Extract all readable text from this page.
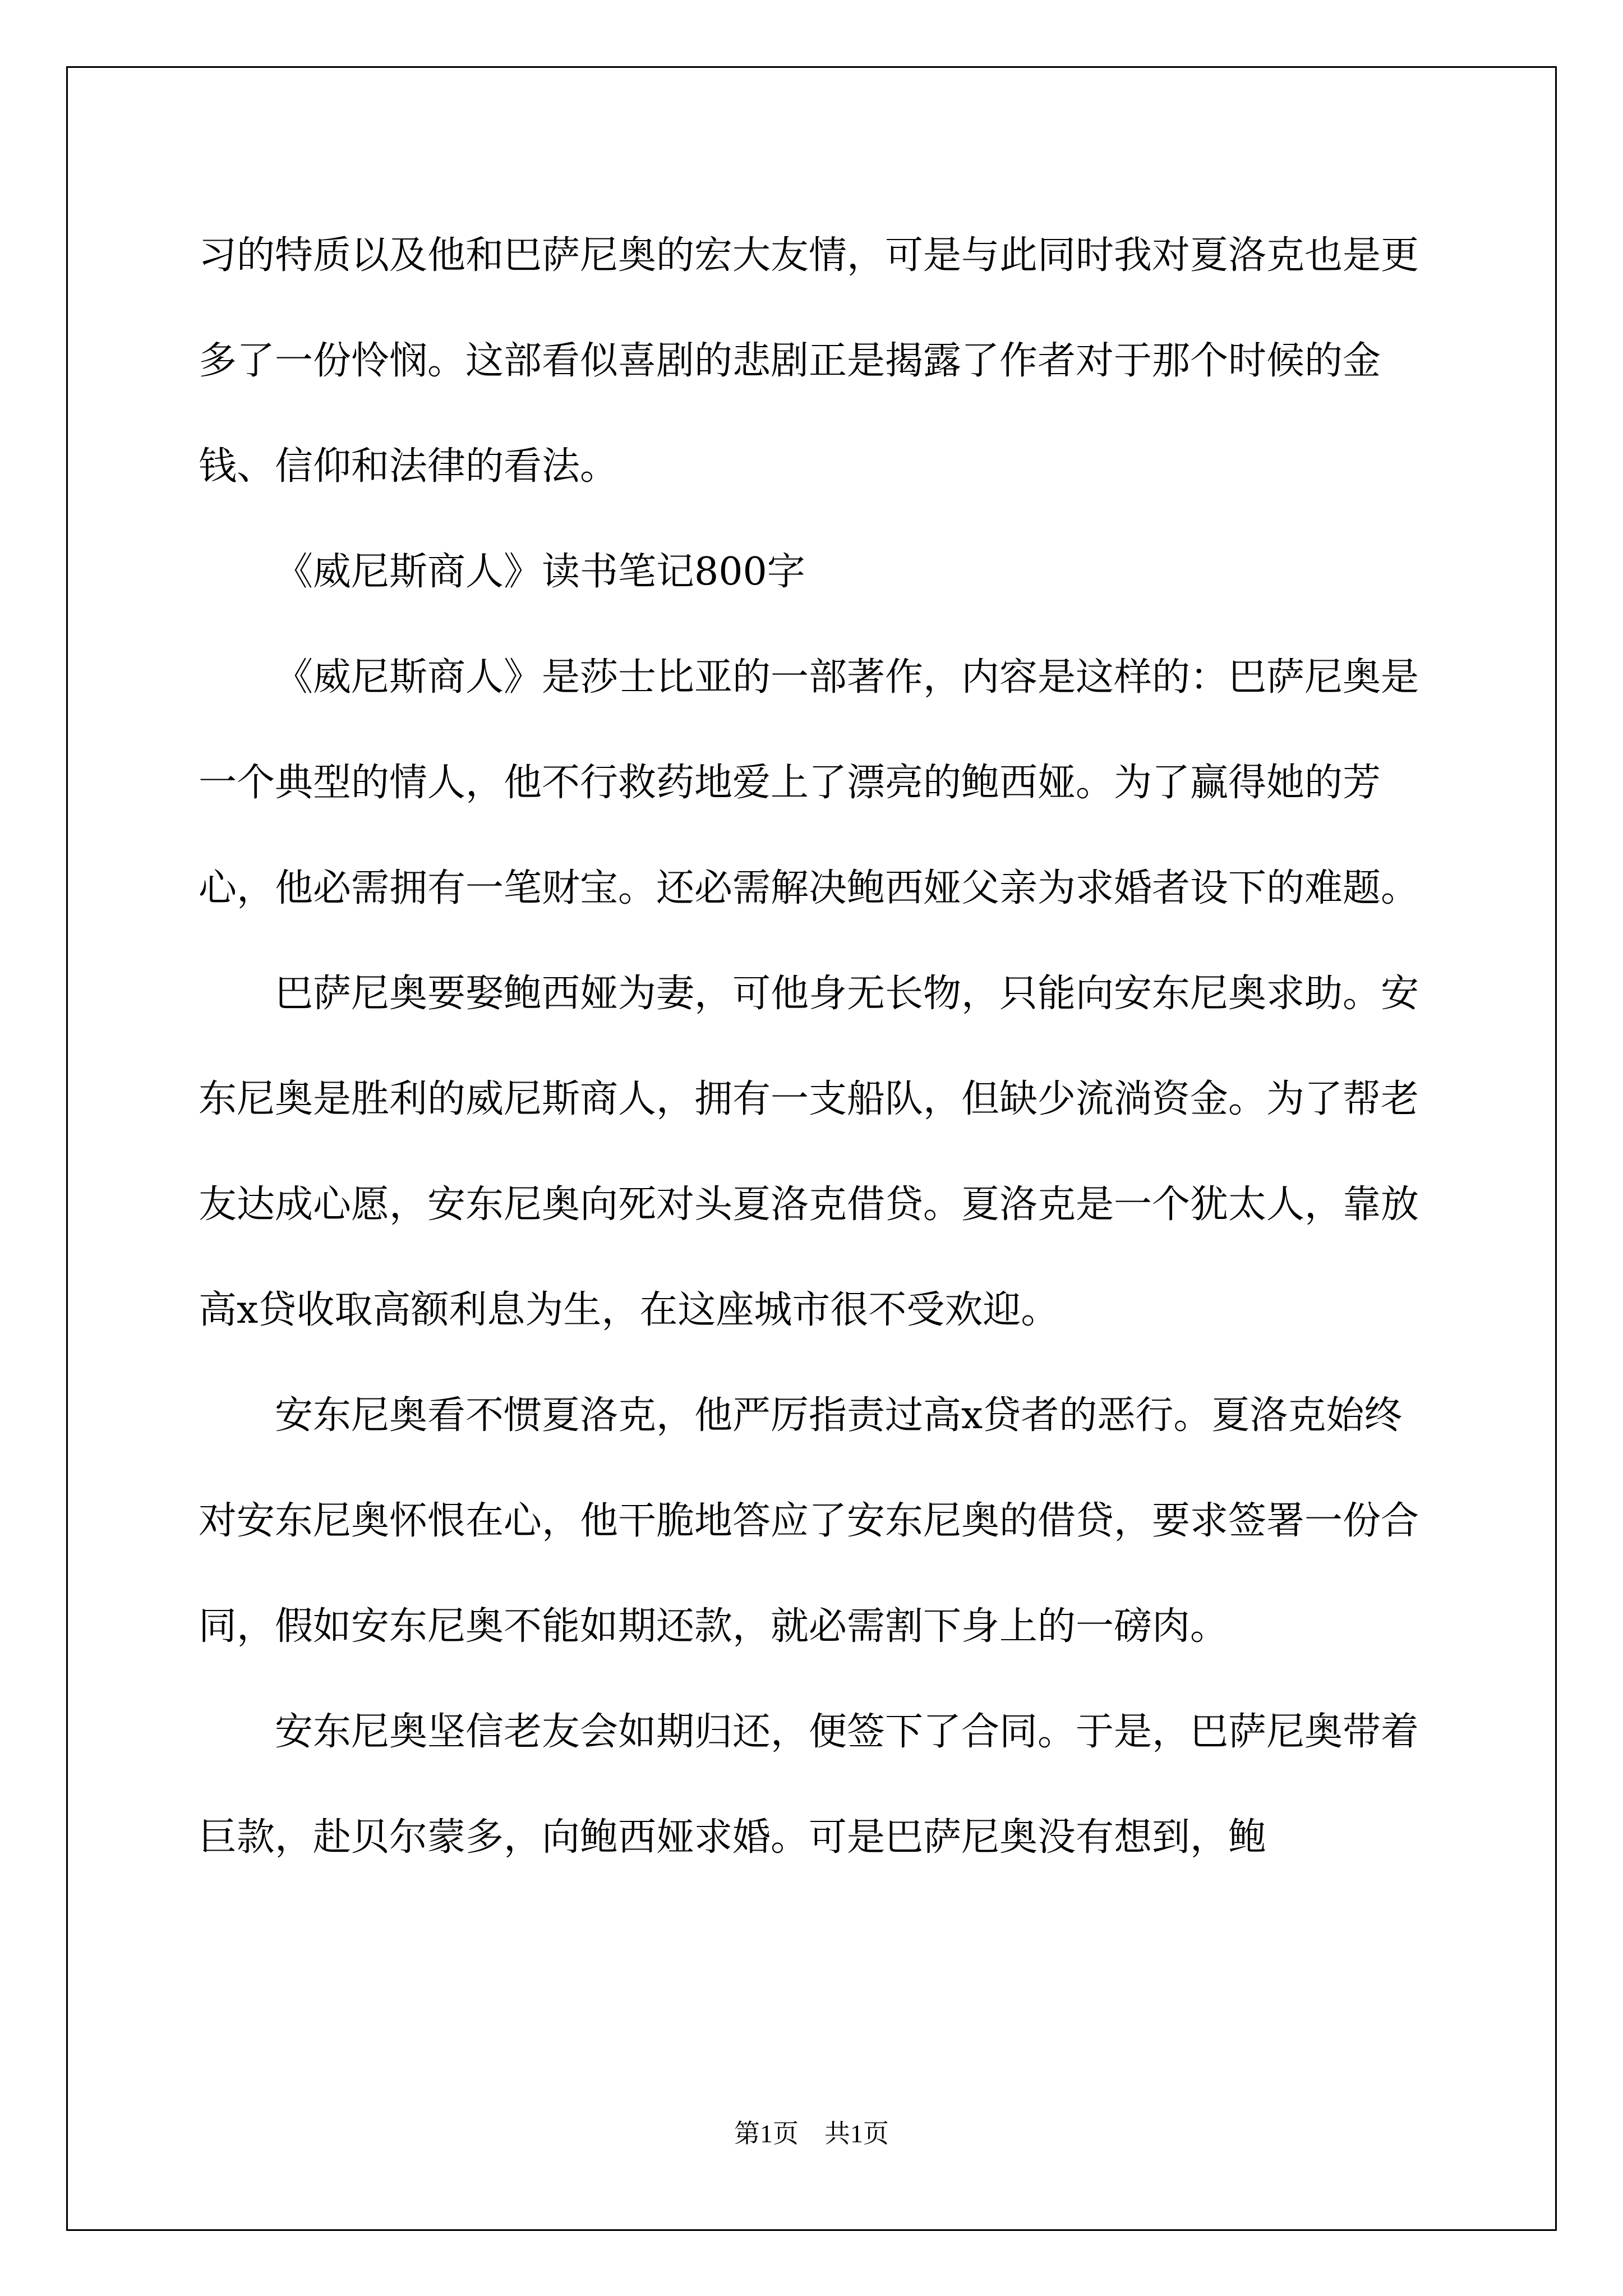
习的特质以及他和巴萨尼奥的宏大友情，可是与此同时我对夏洛克也是更多了一份怜悯。这部看似喜剧的悲剧正是揭露了作者对于那个时候的金钱、信仰和法律的看法。

《威尼斯商人》读书笔记800字

《威尼斯商人》是莎士比亚的一部著作，内容是这样的：巴萨尼奥是一个典型的情人，他不行救药地爱上了漂亮的鲍西娅。为了赢得她的芳心，他必需拥有一笔财宝。还必需解决鲍西娅父亲为求婚者设下的难题。

巴萨尼奥要娶鲍西娅为妻，可他身无长物，只能向安东尼奥求助。安东尼奥是胜利的威尼斯商人，拥有一支船队，但缺少流淌资金。为了帮老友达成心愿，安东尼奥向死对头夏洛克借贷。夏洛克是一个犹太人，靠放高x贷收取高额利息为生，在这座城市很不受欢迎。

安东尼奥看不惯夏洛克，他严厉指责过高x贷者的恶行。夏洛克始终对安东尼奥怀恨在心，他干脆地答应了安东尼奥的借贷，要求签署一份合同，假如安东尼奥不能如期还款，就必需割下身上的一磅肉。

安东尼奥坚信老友会如期归还，便签下了合同。于是，巴萨尼奥带着巨款，赴贝尔蒙多，向鲍西娅求婚。可是巴萨尼奥没有想到，鲍

第1页　共1页
